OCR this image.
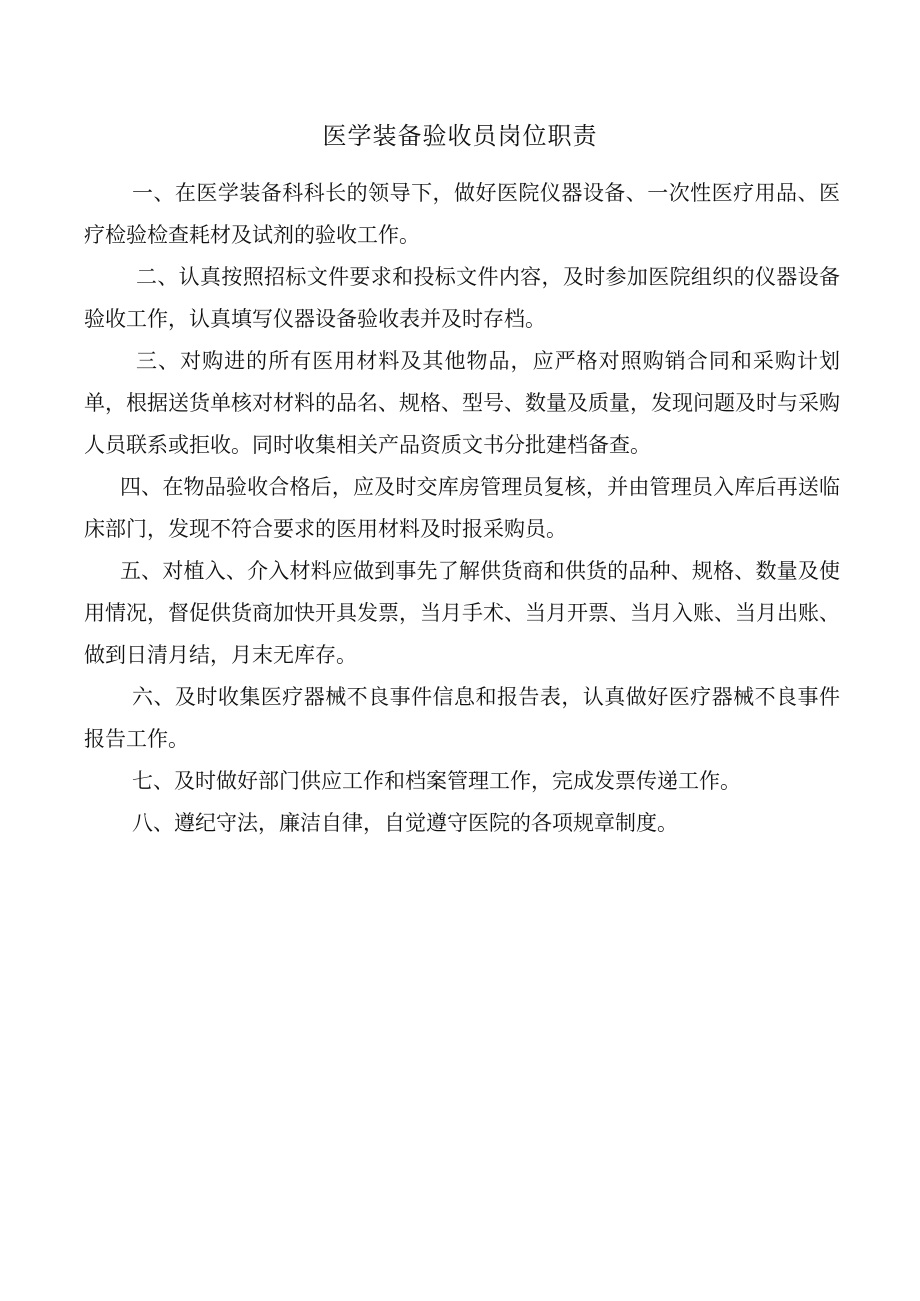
医学装备验收员岗位职责

一、在医学装备科科长的领导下，做好医院仪器设备、一次性医疗用品、医疗检验检查耗材及试剂的验收工作。

二、认真按照招标文件要求和投标文件内容，及时参加医院组织的仪器设备验收工作，认真填写仪器设备验收表并及时存档。

三、对购进的所有医用材料及其他物品，应严格对照购销合同和采购计划单，根据送货单核对材料的品名、规格、型号、数量及质量，发现问题及时与采购人员联系或拒收。同时收集相关产品资质文书分批建档备查。

四、在物品验收合格后，应及时交库房管理员复核，并由管理员入库后再送临床部门，发现不符合要求的医用材料及时报采购员。

五、对植入、介入材料应做到事先了解供货商和供货的品种、规格、数量及使用情况，督促供货商加快开具发票，当月手术、当月开票、当月入账、当月出账、做到日清月结，月末无库存。

六、及时收集医疗器械不良事件信息和报告表，认真做好医疗器械不良事件报告工作。

七、及时做好部门供应工作和档案管理工作，完成发票传递工作。

八、遵纪守法，廉洁自律，自觉遵守医院的各项规章制度。
